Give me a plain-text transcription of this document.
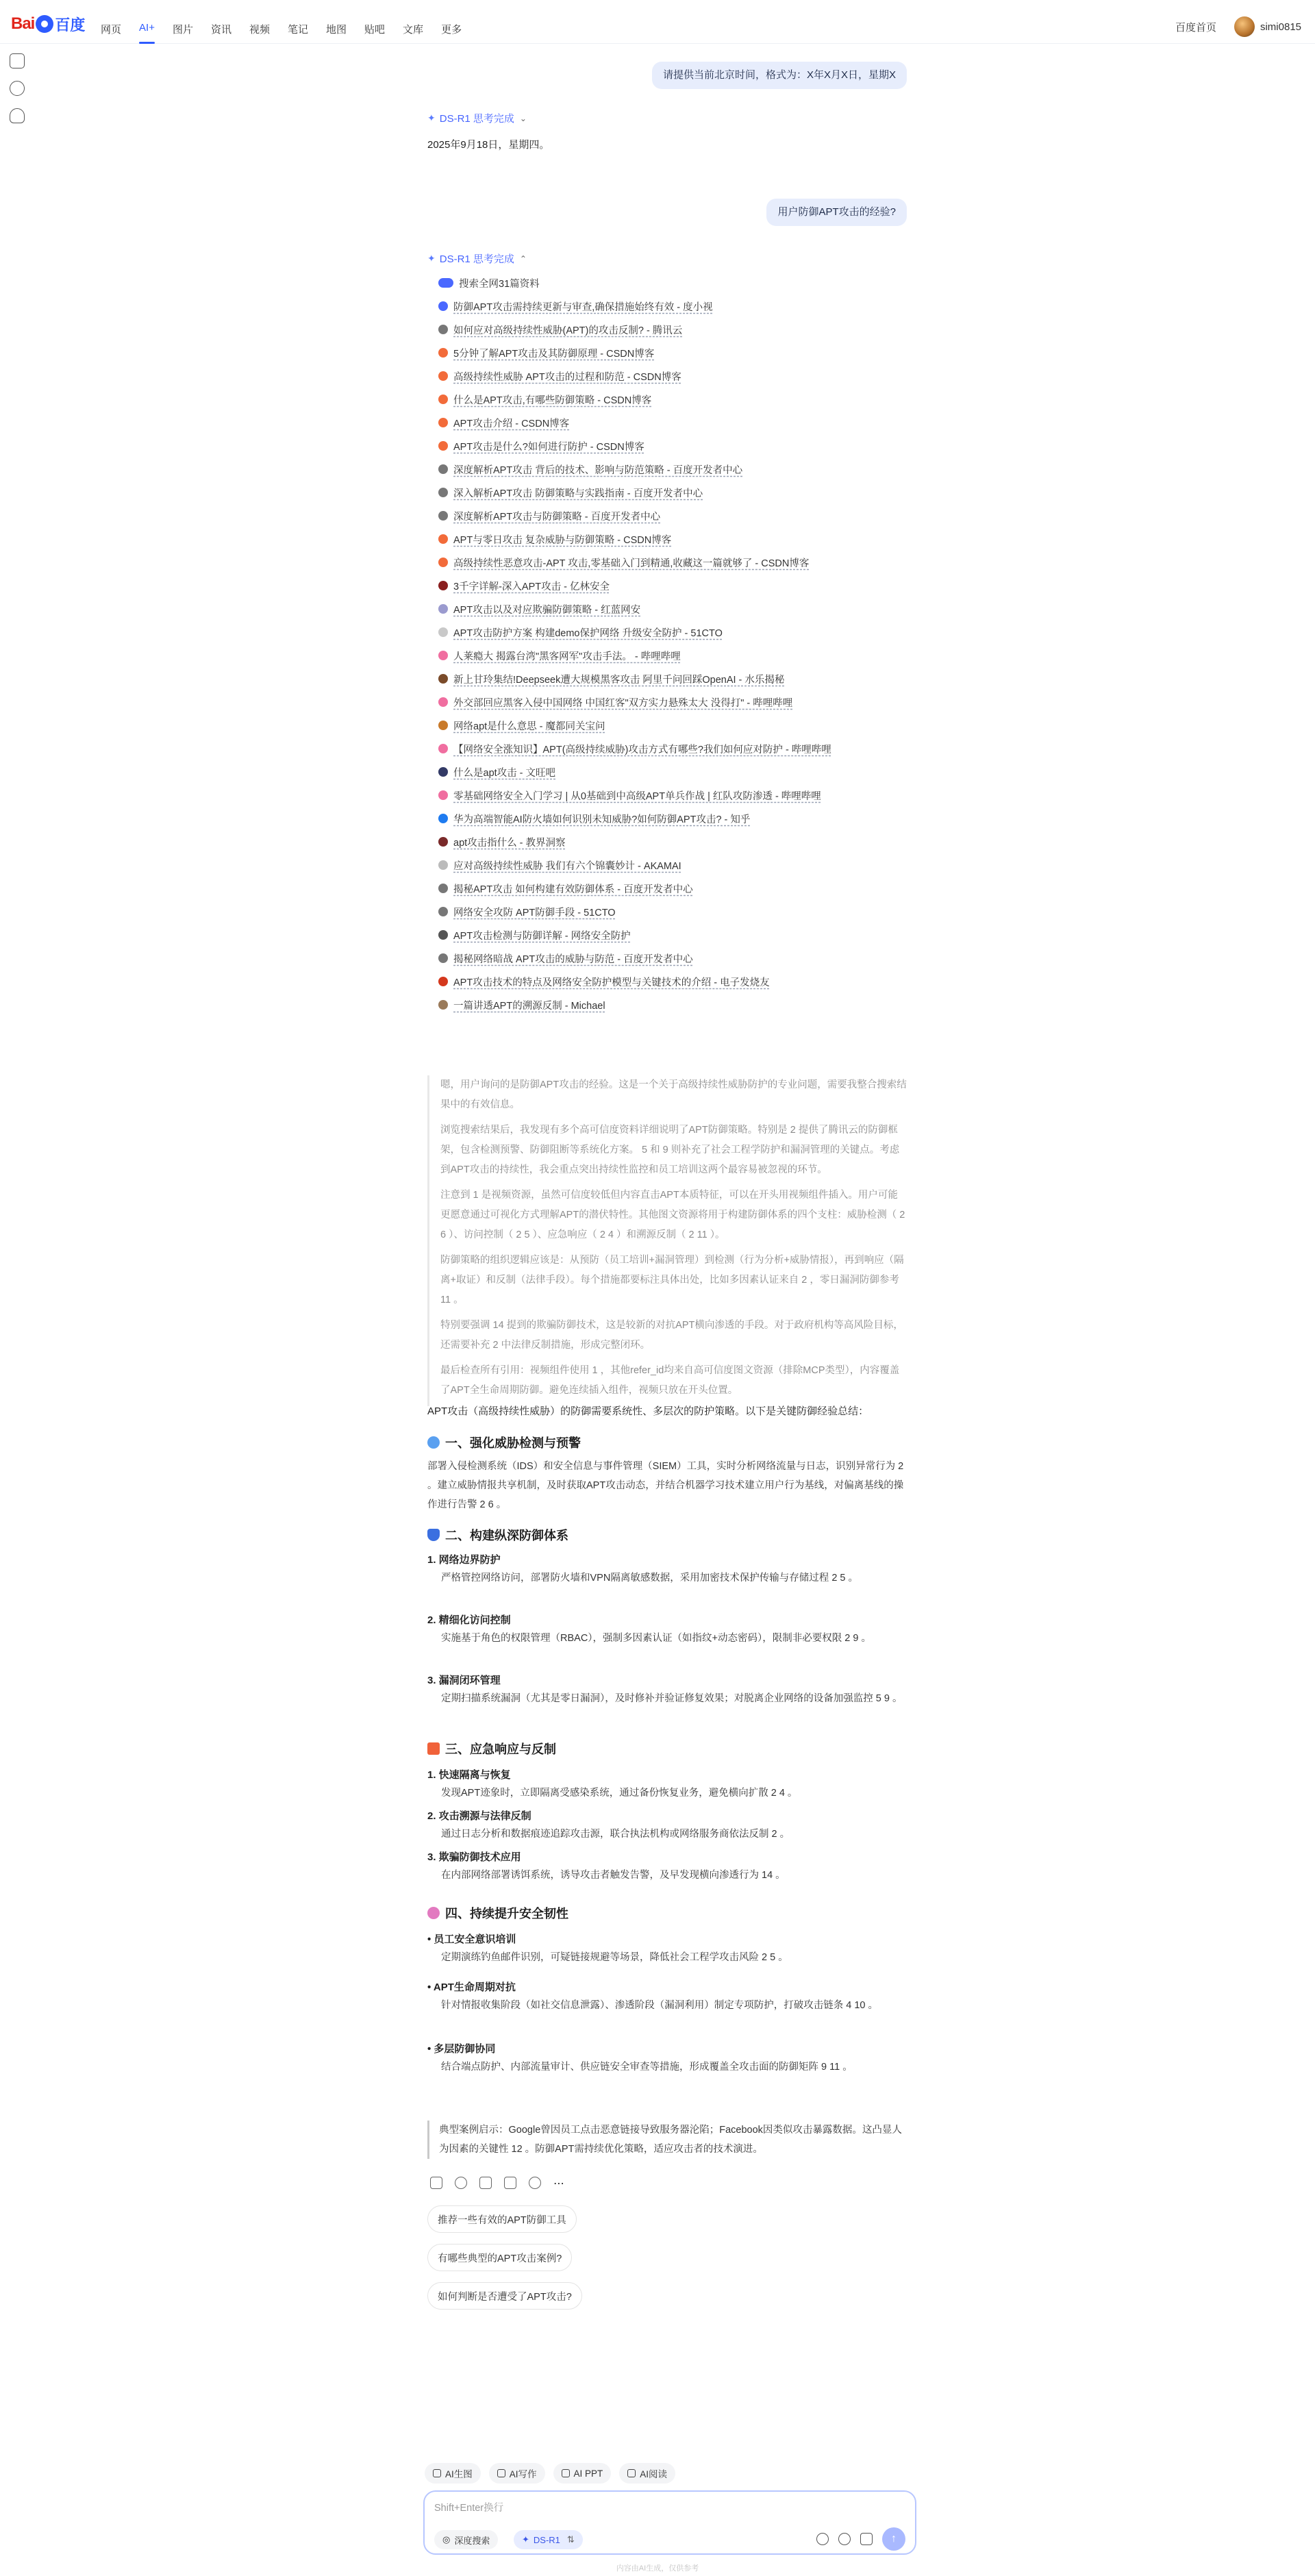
Bai 百度 网页 AI+ 图片 资讯 视频 笔记 地图 贴吧 文库 更多	百度首页	simi0815
请提供当前北京时间，格式为：X年X月X日，星期X
✦ DS-R1 思考完成 ⌄
2025年9月18日，星期四。
用户防御APT攻击的经验?
✦ DS-R1 思考完成 ⌃
搜索全网31篇资料
防御APT攻击需持续更新与审查,确保措施始终有效 - 度小视
如何应对高级持续性威胁(APT)的攻击反制? - 腾讯云
5分钟了解APT攻击及其防御原理 - CSDN博客
高级持续性威胁 APT攻击的过程和防范 - CSDN博客
什么是APT攻击,有哪些防御策略 - CSDN博客
APT攻击介绍 - CSDN博客
APT攻击是什么?如何进行防护 - CSDN博客
深度解析APT攻击 背后的技术、影响与防范策略 - 百度开发者中心
深入解析APT攻击 防御策略与实践指南 - 百度开发者中心
深度解析APT攻击与防御策略 - 百度开发者中心
APT与零日攻击 复杂威胁与防御策略 - CSDN博客
高级持续性恶意攻击-APT 攻击,零基础入门到精通,收藏这一篇就够了 - CSDN博客
3千字详解-深入APT攻击 - 亿林安全
APT攻击以及对应欺骗防御策略 - 红蓝网安
APT攻击防护方案 构建demo保护网络 升级安全防护 - 51CTO
人莱瘾大 揭露台湾"黑客网军"攻击手法。 - 哔哩哔哩
新上甘玲集结!Deepseek遭大规模黑客攻击 阿里千问回踩OpenAI - 水乐揭秘
外交部回应黑客入侵中国网络 中国红客"双方实力悬殊太大 没得打" - 哔哩哔哩
网络apt是什么意思 - 魔都同关宝问
【网络安全涨知识】APT(高级持续威胁)攻击方式有哪些?我们如何应对防护 - 哔哩哔哩
什么是apt攻击 - 文旺吧
零基础网络安全入门学习 | 从0基础到中高级APT单兵作战 | 红队攻防渗透 - 哔哩哔哩
华为高端智能AI防火墙如何识别未知威胁?如何防御APT攻击? - 知乎
apt攻击指什么 - 教界洞察
应对高级持续性威胁 我们有六个锦囊妙计 - AKAMAI
揭秘APT攻击 如何构建有效防御体系 - 百度开发者中心
网络安全攻防 APT防御手段 - 51CTO
APT攻击检测与防御详解 - 网络安全防护
揭秘网络暗战 APT攻击的威胁与防范 - 百度开发者中心
APT攻击技术的特点及网络安全防护模型与关键技术的介绍 - 电子发烧友
一篇讲透APT的溯源反制 - Michael

嗯，用户询问的是防御APT攻击的经验。这是一个关于高级持续性威胁防护的专业问题，需要我整合搜索结果中的有效信息。

浏览搜索结果后，我发现有多个高可信度资料详细说明了APT防御策略。特别是 2 提供了腾讯云的防御框架，包含检测预警、防御阻断等系统化方案。 5 和 9 则补充了社会工程学防护和漏洞管理的关键点。考虑到APT攻击的持续性，我会重点突出持续性监控和员工培训这两个最容易被忽视的环节。

注意到 1 是视频资源，虽然可信度较低但内容直击APT本质特征，可以在开头用视频组件插入。用户可能更愿意通过可视化方式理解APT的潜伏特性。其他图文资源将用于构建防御体系的四个支柱：威胁检测（ 2 6 ）、访问控制（ 2 5 ）、应急响应（ 2 4 ）和溯源反制（ 2 11 ）。

防御策略的组织逻辑应该是：从预防（员工培训+漏洞管理）到检测（行为分析+威胁情报），再到响应（隔离+取证）和反制（法律手段）。每个措施都要标注具体出处，比如多因素认证来自 2 ，零日漏洞防御参考 11 。

特别要强调 14 提到的欺骗防御技术，这是较新的对抗APT横向渗透的手段。对于政府机构等高风险目标，还需要补充 2 中法律反制措施，形成完整闭环。

最后检查所有引用：视频组件使用 1 ，其他refer_id均来自高可信度图文资源（排除MCP类型），内容覆盖了APT全生命周期防御。避免连续插入组件，视频只放在开头位置。

APT攻击（高级持续性威胁）的防御需要系统性、多层次的防护策略。以下是关键防御经验总结：
一、强化威胁检测与预警
部署入侵检测系统（IDS）和安全信息与事件管理（SIEM）工具，实时分析网络流量与日志，识别异常行为 2 。建立威胁情报共享机制，及时获取APT攻击动态，并结合机器学习技术建立用户行为基线，对偏离基线的操作进行告警 2 6 。
二、构建纵深防御体系
1. 网络边界防护
严格管控网络访问，部署防火墙和VPN隔离敏感数据，采用加密技术保护传输与存储过程 2 5 。
2. 精细化访问控制
实施基于角色的权限管理（RBAC），强制多因素认证（如指纹+动态密码），限制非必要权限 2 9 。
3. 漏洞闭环管理
定期扫描系统漏洞（尤其是零日漏洞），及时修补并验证修复效果；对脱离企业网络的设备加强监控 5 9 。
三、应急响应与反制
1. 快速隔离与恢复
发现APT迹象时，立即隔离受感染系统，通过备份恢复业务，避免横向扩散 2 4 。
2. 攻击溯源与法律反制
通过日志分析和数据痕迹追踪攻击源，联合执法机构或网络服务商依法反制 2 。
3. 欺骗防御技术应用
在内部网络部署诱饵系统，诱导攻击者触发告警，及早发现横向渗透行为 14 。
四、持续提升安全韧性
• 员工安全意识培训
定期演练钓鱼邮件识别，可疑链接规避等场景，降低社会工程学攻击风险 2 5 。
• APT生命周期对抗
针对情报收集阶段（如社交信息泄露）、渗透阶段（漏洞利用）制定专项防护，打破攻击链条 4 10 。
• 多层防御协同
结合端点防护、内部流量审计、供应链安全审查等措施，形成覆盖全攻击面的防御矩阵 9 11 。
典型案例启示：Google曾因员工点击恶意链接导致服务器沦陷；Facebook因类似攻击暴露数据。这凸显人为因素的关键性 12 。防御APT需持续优化策略，适应攻击者的技术演进。
⋯
推荐一些有效的APT防御工具
有哪些典型的APT攻击案例?
如何判断是否遭受了APT攻击?
AI生图	AI写作	AI PPT	AI阅读
Shift+Enter换行
◎ 深度搜索	✦ DS-R1 ⇅	↑
内容由AI生成，仅供参考
